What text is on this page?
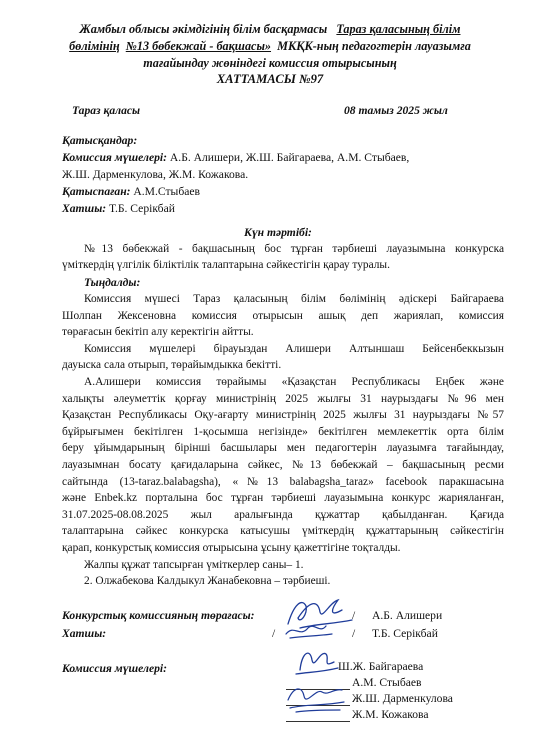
Жамбыл облысы әкімдігінің білім басқармасы Тараз қаласының білім
бөлімінің №13 бөбекжай - бақшасы» МКҚК-ның педагогтерін лауазымға
тағайындау жөніндегі комиссия отырысының
ХАТТАМАСЫ №97
Тараз қаласы	08 тамыз 2025 жыл
Қатысқандар:
Комиссия мүшелері: А.Б. Алишери, Ж.Ш. Байгараева, А.М. Стыбаев,
Ж.Ш. Дарменкулова, Ж.М. Кожакова.
Қатыспаған: А.М.Стыбаев
Хатшы: Т.Б. Серікбай
Күн тәртібі:
№13 бөбекжай - бақшасының бос тұрған тәрбиеші лауазымына конкурска
үміткердің үлгілік біліктілік талаптарына сәйкестігін қарау туралы.
Тыңдалды:
Комиссия мүшесі Тараз қаласының білім бөлімінің әдіскері Байгараева
Шолпан Жексеновна комиссия отырысын ашық деп жариялап, комиссия
төрағасын бекітіп алу керектігін айтты.
Комиссия мүшелері бірауыздан Алишери Алтыншаш Бейсенбеккызын
дауыска сала отырып, төрайымдыкка бекітті.
А.Алишери комиссия төрайымы «Қазақстан Республикасы Еңбек және
халықты әлеуметтік қорғау министрінің 2025 жылғы 31 наурыздағы №96 мен
Қазақстан Республикасы Оқу-ағарту министрінің 2025 жылғы 31 наурыздағы №57
бұйрығымен бекітілген 1-қосымша негізінде» бекітілген мемлекеттік орта білім
беру ұйымдарының бірінші басшылары мен педагогтерін лауазымға тағайындау,
лауазымнан босату қағидаларына сәйкес, №13 бөбекжай – бақшасының ресми
сайтында (13-taraz.balabagsha), «№13 balabagsha_taraz» facebook паракшасына
және Enbek.kz порталына бос тұрған тәрбиеші лауазымына конкурс жарияланған,
31.07.2025-08.08.2025 жыл аралығында құжаттар қабылданған. Қағида
талаптарына сәйкес конкурска катысушы үміткердің құжаттарының сәйкестігін
қарап, конкурстық комиссия отырысына ұсыну қажеттігіне тоқталды.
Жалпы құжат тапсырған үміткерлер саны– 1.
2. Олжабекова Калдыкул Жанабековна – тәрбиеші.
Конкурстық комиссияның төрағасы:	/ А.Б. Алишери
Хатшы:	/	/ Т.Б. Серікбай
Комиссия мүшелері:	Ш.Ж. Байгараева
А.М. Стыбаев
Ж.Ш. Дарменкулова
Ж.М. Кожакова
